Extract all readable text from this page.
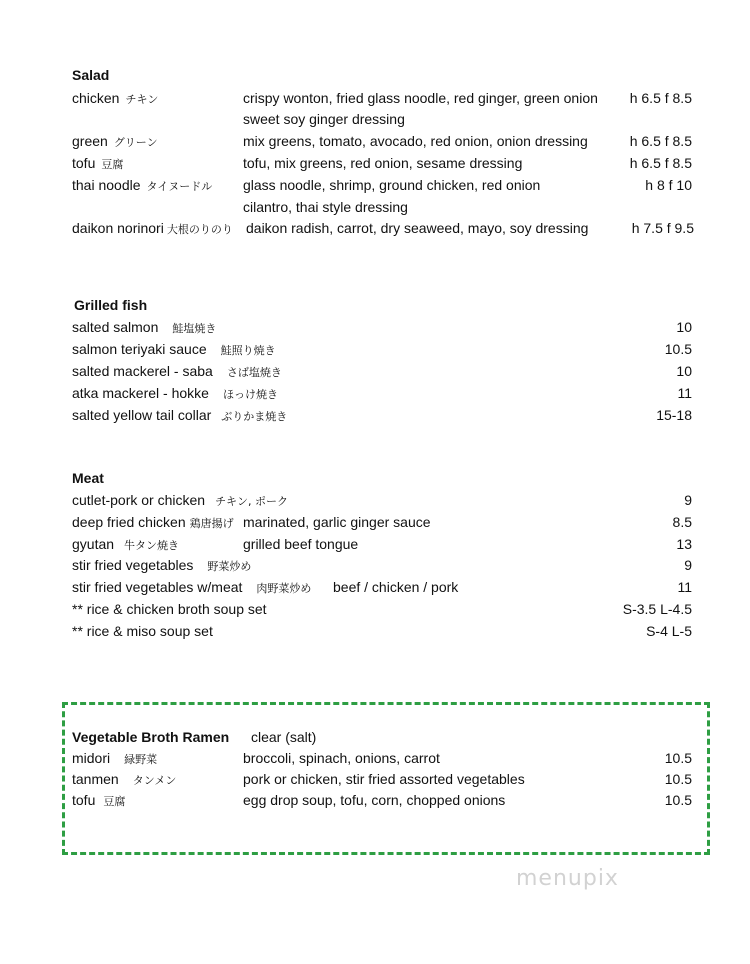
Salad
chicken チキン	crispy wonton, fried glass noodle, red ginger, green onion h 6.5 f 8.5
sweet soy ginger dressing
green グリーン	mix greens, tomato, avocado, red onion, onion dressing	h 6.5 f 8.5
tofu 豆腐	tofu, mix greens, red onion, sesame dressing	h 6.5 f 8.5
thai noodle タイヌードル glass noodle, shrimp, ground chicken, red onion	h 8 f 10
cilantro, thai style dressing
daikon norinori 大根のりのり daikon radish, carrot, dry seaweed, mayo, soy dressing	h 7.5 f 9.5
Grilled fish
salted salmon 鮭塩焼き	10
salmon teriyaki sauce 鮭照り焼き	10.5
salted mackerel - saba さば塩焼き	10
atka mackerel - hokke ほっけ焼き	11
salted yellow tail collar ぶりかま焼き	15-18
Meat
cutlet-pork or chicken チキン, ポーク	9
deep fried chicken 鶏唐揚げ marinated, garlic ginger sauce	8.5
gyutan 牛タン焼き	grilled beef tongue	13
stir fried vegetables 野菜炒め	9
stir fried vegetables w/meat 肉野菜炒め beef / chicken / pork	11
** rice & chicken broth soup set	S-3.5 L-4.5
** rice & miso soup set	S-4 L-5
Vegetable Broth Ramen clear (salt)
midori 緑野菜	broccoli, spinach, onions, carrot	10.5
tanmen タンメン	pork or chicken, stir fried assorted vegetables	10.5
tofu 豆腐	egg drop soup, tofu, corn, chopped onions	10.5
menupix
